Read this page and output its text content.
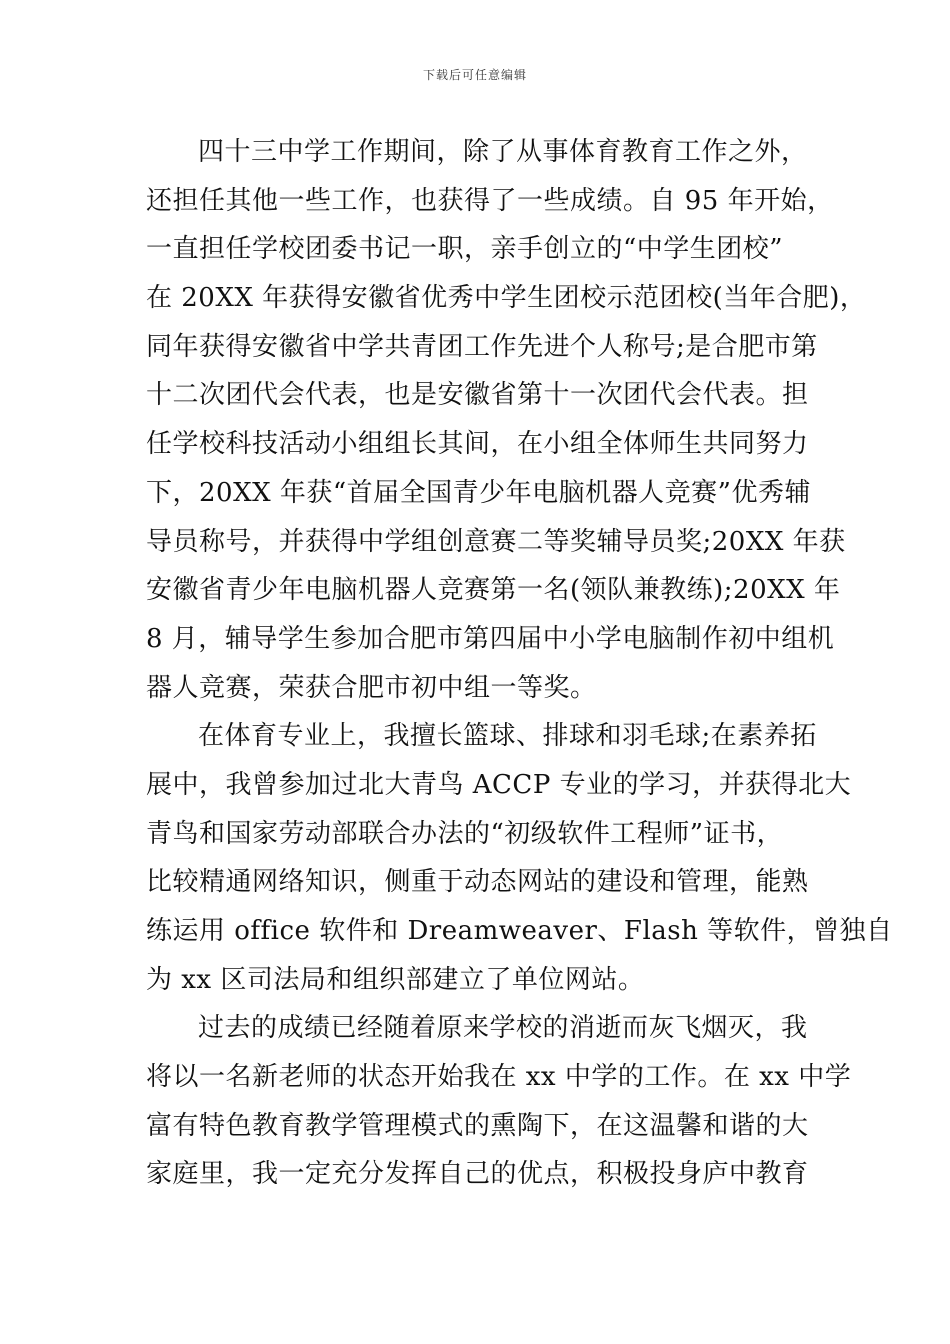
下载后可任意编辑
四十三中学工作期间，除了从事体育教育工作之外，
还担任其他一些工作，也获得了一些成绩。自 95 年开始，
一直担任学校团委书记一职，亲手创立的“中学生团校”
在 20XX 年获得安徽省优秀中学生团校示范团校(当年合肥)，
同年获得安徽省中学共青团工作先进个人称号;是合肥市第
十二次团代会代表，也是安徽省第十一次团代会代表。担
任学校科技活动小组组长其间，在小组全体师生共同努力
下，20XX 年获“首届全国青少年电脑机器人竞赛”优秀辅
导员称号，并获得中学组创意赛二等奖辅导员奖;20XX 年获
安徽省青少年电脑机器人竞赛第一名(领队兼教练);20XX 年
8 月，辅导学生参加合肥市第四届中小学电脑制作初中组机
器人竞赛，荣获合肥市初中组一等奖。
在体育专业上，我擅长篮球、排球和羽毛球;在素养拓
展中，我曾参加过北大青鸟 ACCP 专业的学习，并获得北大
青鸟和国家劳动部联合办法的“初级软件工程师”证书，
比较精通网络知识，侧重于动态网站的建设和管理，能熟
练运用 office 软件和 Dreamweaver、Flash 等软件，曾独自
为 xx 区司法局和组织部建立了单位网站。
过去的成绩已经随着原来学校的消逝而灰飞烟灭，我
将以一名新老师的状态开始我在 xx 中学的工作。在 xx 中学
富有特色教育教学管理模式的熏陶下，在这温馨和谐的大
家庭里，我一定充分发挥自己的优点，积极投身庐中教育
